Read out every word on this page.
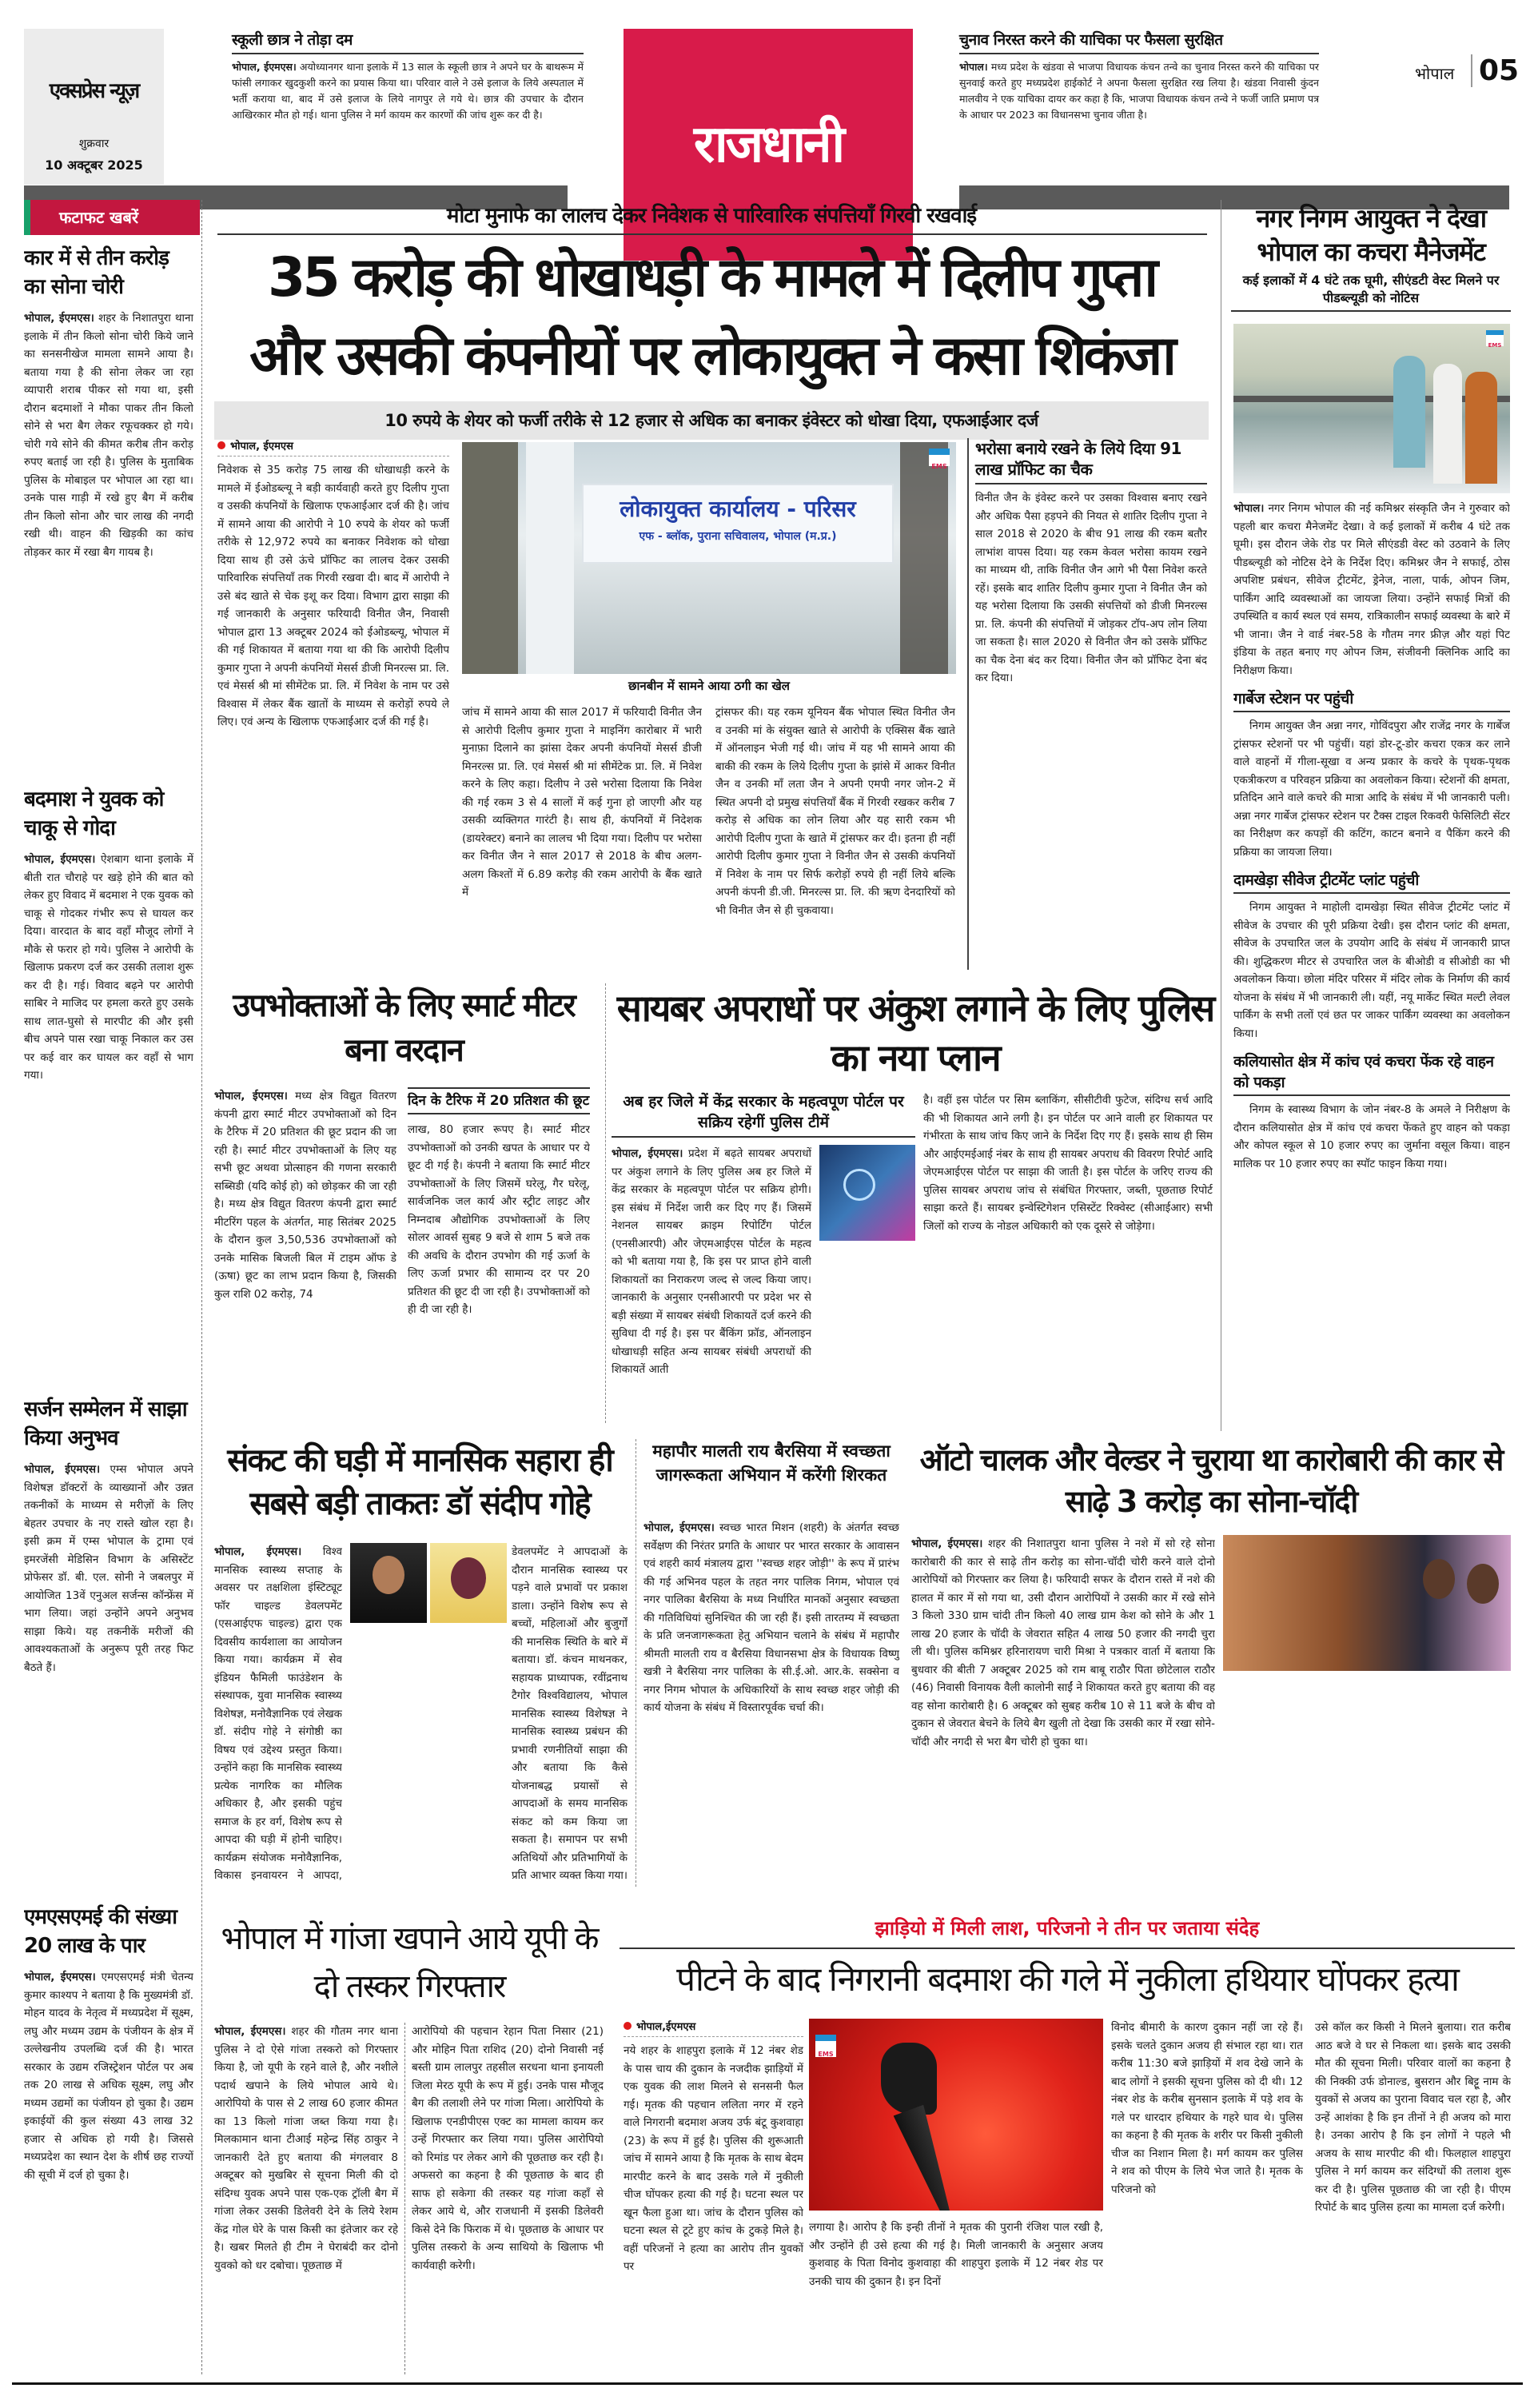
एक्सप्रेस न्यूज़
शुक्रवार
10 अक्टूबर 2025
स्कूली छात्र ने तोड़ा दम
भोपाल, ईएमएस। अयोध्यानगर थाना इलाके में 13 साल के स्कूली छात्र ने अपने घर के बाथरूम में फांसी लगाकर खुदकुशी करने का प्रयास किया था। परिवार वाले ने उसे इलाज के लिये अस्पताल में भर्ती कराया था, बाद में उसे इलाज के लिये नागपुर ले गये थे। छात्र की उपचार के दौरान आखिरकार मौत हो गई। थाना पुलिस ने मर्ग कायम कर कारणों की जांच शुरू कर दी है।
राजधानी
चुनाव निरस्त करने की याचिका पर फैसला सुरक्षित
भोपाल। मध्य प्रदेश के खंडवा से भाजपा विधायक कंचन तन्वे का चुनाव निरस्त करने की याचिका पर सुनवाई करते हुए मध्यप्रदेश हाईकोर्ट ने अपना फैसला सुरक्षित रख लिया है। खंडवा निवासी कुंदन मालवीय ने एक याचिका दायर कर कहा है कि, भाजपा विधायक कंचन तन्वे ने फर्जी जाति प्रमाण पत्र के आधार पर 2023 का विधानसभा चुनाव जीता है।
भोपाल 05
फटाफट खबरें
कार में से तीन करोड़ का सोना चोरी
भोपाल, ईएमएस। शहर के निशातपुरा थाना इलाके में तीन किलो सोना चोरी किये जाने का सनसनीखेज मामला सामने आया है। बताया गया है की सोना लेकर जा रहा व्यापारी शराब पीकर सो गया था, इसी दौरान बदमाशों ने मौका पाकर तीन किलो सोने से भरा बैग लेकर रफूचक्कर हो गये। चोरी गये सोने की कीमत करीब तीन करोड़ रुपए बताई जा रही है। पुलिस के मुताबिक पुलिस के मोबाइल पर भोपाल आ रहा था। उनके पास गाड़ी में रखे हुए बैग में करीब तीन किलो सोना और चार लाख की नगदी रखी थी। वाहन की खिड़की का कांच तोड़कर कार में रखा बैग गायब है।
बदमाश ने युवक को चाकू से गोदा
भोपाल, ईएमएस। ऐशबाग थाना इलाके में बीती रात चौराहे पर खड़े होने की बात को लेकर हुए विवाद में बदमाश ने एक युवक को चाकू से गोदकर गंभीर रूप से घायल कर दिया। वारदात के बाद वहाँ मौजूद लोगों ने मौके से फरार हो गये। पुलिस ने आरोपी के खिलाफ प्रकरण दर्ज कर उसकी तलाश शुरू कर दी है। गई। विवाद बढ़ने पर आरोपी साबिर ने माजिद पर हमला करते हुए उसके साथ लात-घुसो से मारपीट की और इसी बीच अपने पास रखा चाकू निकाल कर उस पर कई वार कर घायल कर वहाँ से भाग गया।
सर्जन सम्मेलन में साझा किया अनुभव
भोपाल, ईएमएस। एम्स भोपाल अपने विशेषज्ञ डॉक्टरों के व्याख्यानों और उन्नत तकनीकों के माध्यम से मरीज़ों के लिए बेहतर उपचार के नए रास्ते खोल रहा है। इसी क्रम में एम्स भोपाल के ट्रामा एवं इमरजेंसी मेडिसिन विभाग के असिस्टेंट प्रोफेसर डॉ. बी. एल. सोनी ने जबलपुर में आयोजित 13वें एनुअल सर्जन्स कॉन्फ्रेंस में भाग लिया। जहां उन्होंने अपने अनुभव साझा किये। यह तकनीकें मरीजों की आवश्यकताओं के अनुरूप पूरी तरह फिट बैठते हैं।
एमएसएमई की संख्या 20 लाख के पार
भोपाल, ईएमएस। एमएसएमई मंत्री चेतन्य कुमार काश्यप ने बताया है कि मुख्यमंत्री डॉ. मोहन यादव के नेतृत्व में मध्यप्रदेश में सूक्ष्म, लघु और मध्यम उद्यम के पंजीयन के क्षेत्र में उल्लेखनीय उपलब्धि दर्ज की है। भारत सरकार के उद्यम रजिस्ट्रेशन पोर्टल पर अब तक 20 लाख से अधिक सूक्ष्म, लघु और मध्यम उद्यमों का पंजीयन हो चुका है। उद्यम इकाईयों की कुल संख्या 43 लाख 32 हजार से अधिक हो गयी है। जिससे मध्यप्रदेश का स्थान देश के शीर्ष छह राज्यों की सूची में दर्ज हो चुका है।
मोटा मुनाफे का लालच देकर निवेशक से पारिवारिक संपत्तियाँ गिरवी रखवाई
35 करोड़ की धोखाधड़ी के मामले में दिलीप गुप्ता
और उसकी कंपनीयों पर लोकायुक्त ने कसा शिकंजा
10 रुपये के शेयर को फर्जी तरीके से 12 हजार से अधिक का बनाकर इंवेस्टर को धोखा दिया, एफआईआर दर्ज
भोपाल, ईएमएस
निवेशक से 35 करोड़ 75 लाख की धोखाधड़ी करने के मामले में ईओडब्ल्यू ने बड़ी कार्यवाही करते हुए दिलीप गुप्ता व उसकी कंपनियों के खिलाफ एफआईआर दर्ज की है। जांच में सामने आया की आरोपी ने 10 रुपये के शेयर को फर्जी तरीके से 12,972 रुपये का बनाकर निवेशक को धोखा दिया साथ ही उसे ऊंचे प्रॉफिट का लालच देकर उसकी पारिवारिक संपत्तियाँ तक गिरवी रखवा दी। बाद में आरोपी ने उसे बंद खाते से चेक इशू कर दिया। विभाग द्वारा साझा की गई जानकारी के अनुसार फरियादी विनीत जैन, निवासी भोपाल द्वारा 13 अक्टूबर 2024 को ईओडब्ल्यू, भोपाल में की गई शिकायत में बताया गया था की कि आरोपी दिलीप कुमार गुप्ता ने अपनी कंपनियों मेसर्स डीजी मिनरल्स प्रा. लि. एवं मेसर्स श्री मां सीमेंटेक प्रा. लि. में निवेश के नाम पर उसे विश्वास में लेकर बैंक खातों के माध्यम से करोड़ों रुपये ले लिए। एवं अन्य के खिलाफ एफआईआर दर्ज की गई है।
लोकायुक्त कार्यालय - परिसर
एफ - ब्लॉक, पुराना सचिवालय, भोपाल (म.प्र.)
EMS
छानबीन में सामने आया ठगी का खेल
जांच में सामने आया की साल 2017 में फरियादी विनीत जैन से आरोपी दिलीप कुमार गुप्ता ने माइनिंग कारोबार में भारी मुनाफ़ा दिलाने का झांसा देकर अपनी कंपनियों मेसर्स डीजी मिनरल्स प्रा. लि. एवं मेसर्स श्री मां सीमेंटेक प्रा. लि. में निवेश करने के लिए कहा। दिलीप ने उसे भरोसा दिलाया कि निवेश की गई रकम 3 से 4 सालों में कई गुना हो जाएगी और यह उसकी व्यक्तिगत गारंटी है। साथ ही, कंपनियों में निदेशक (डायरेक्टर) बनाने का लालच भी दिया गया। दिलीप पर भरोसा कर विनीत जैन ने साल 2017 से 2018 के बीच अलग-अलग किश्तों में 6.89 करोड़ की रकम आरोपी के बैंक खाते में
ट्रांसफर की। यह रकम यूनियन बैंक भोपाल स्थित विनीत जैन व उनकी मां के संयुक्त खाते से आरोपी के एक्सिस बैंक खाते में ऑनलाइन भेजी गई थी। जांच में यह भी सामने आया की बाकी की रकम के लिये दिलीप गुप्ता के झांसे में आकर विनीत जैन व उनकी माँ लता जैन ने अपनी एमपी नगर जोन-2 में स्थित अपनी दो प्रमुख संपत्तियाँ बैंक में गिरवी रखकर करीब 7 करोड़ से अधिक का लोन लिया और यह सारी रकम भी आरोपी दिलीप गुप्ता के खाते में ट्रांसफर कर दी। इतना ही नहीं आरोपी दिलीप कुमार गुप्ता ने विनीत जैन से उसकी कंपनियों में निवेश के नाम पर सिर्फ करोड़ों रुपये ही नहीं लिये बल्कि अपनी कंपनी डी.जी. मिनरल्स प्रा. लि. की ऋण देनदारियों को भी विनीत जैन से ही चुकवाया।
भरोसा बनाये रखने के लिये दिया 91 लाख प्रॉफिट का चैक
विनीत जैन के इंवेस्ट करने पर उसका विश्वास बनाए रखने और अधिक पैसा हड़पने की नियत से शातिर दिलीप गुप्ता ने साल 2018 से 2020 के बीच 91 लाख की रकम बतौर लाभांश वापस दिया। यह रकम केवल भरोसा कायम रखने का माध्यम थी, ताकि विनीत जैन आगे भी पैसा निवेश करते रहें। इसके बाद शातिर दिलीप कुमार गुप्ता ने विनीत जैन को यह भरोसा दिलाया कि उसकी संपत्तियों को डीजी मिनरल्स प्रा. लि. कंपनी की संपत्तियों में जोड़कर टॉप-अप लोन लिया जा सकता है। साल 2020 से विनीत जैन को उसके प्रॉफिट का चैक देना बंद कर दिया। विनीत जैन को प्रॉफिट देना बंद कर दिया।
नगर निगम आयुक्त ने देखा भोपाल का कचरा मैनेजमेंट
कई इलाकों में 4 घंटे तक घूमी, सीएंडटी वेस्ट मिलने पर पीडब्ल्यूडी को नोटिस
EMS
भोपाल। नगर निगम भोपाल की नई कमिश्नर संस्कृति जैन ने गुरुवार को पहली बार कचरा मैनेजमेंट देखा। वे कई इलाकों में करीब 4 घंटे तक घूमी। इस दौरान जेके रोड पर मिले सीएंडडी वेस्ट को उठवाने के लिए पीडब्ल्यूडी को नोटिस देने के निर्देश दिए। कमिश्नर जैन ने सफाई, ठोस अपशिष्ट प्रबंधन, सीवेज ट्रीटमेंट, ड्रेनेज, नाला, पार्क, ओपन जिम, पार्किंग आदि व्यवस्थाओं का जायजा लिया। उन्होंने सफाई मित्रों की उपस्थिति व कार्य स्थल एवं समय, रात्रिकालीन सफाई व्यवस्था के बारे में भी जाना। जैन ने वार्ड नंबर-58 के गौतम नगर फ्रीज़ और यहां पिट इंडिया के तहत बनाए गए ओपन जिम, संजीवनी क्लिनिक आदि का निरीक्षण किया।
गार्बेज स्टेशन पर पहुंची
निगम आयुक्त जैन अन्ना नगर, गोविंदपुरा और राजेंद्र नगर के गार्बेज ट्रांसफर स्टेशनों पर भी पहुंचीं। यहां डोर-टू-डोर कचरा एकत्र कर लाने वाले वाहनों में गीला-सूखा व अन्य प्रकार के कचरे के पृथक-पृथक एकत्रीकरण व परिवहन प्रक्रिया का अवलोकन किया। स्टेशनों की क्षमता, प्रतिदिन आने वाले कचरे की मात्रा आदि के संबंध में भी जानकारी पली। अन्ना नगर गार्बेज ट्रांसफर स्टेशन पर टैक्स टाइल रिकवरी फेसिलिटी सेंटर का निरीक्षण कर कपड़ों की कटिंग, काटन बनाने व पैकिंग करने की प्रक्रिया का जायजा लिया।
दामखेड़ा सीवेज ट्रीटमेंट प्लांट पहुंची
निगम आयुक्त ने माहोली दामखेड़ा स्थित सीवेज ट्रीटमेंट प्लांट में सीवेज के उपचार की पूरी प्रक्रिया देखी। इस दौरान प्लांट की क्षमता, सीवेज के उपचारित जल के उपयोग आदि के संबंध में जानकारी प्राप्त की। शुद्धिकरण मीटर से उपचारित जल के बीओडी व सीओडी का भी अवलोकन किया। छोला मंदिर परिसर में मंदिर लोक के निर्माण की कार्य योजना के संबंध में भी जानकारी ली। यहीं, नयू मार्केट स्थित मल्टी लेवल पार्किंग के सभी तलों एवं छत पर जाकर पार्किंग व्यवस्था का अवलोकन किया।
कलियासोत क्षेत्र में कांच एवं कचरा फेंक रहे वाहन को पकड़ा
निगम के स्वास्थ्य विभाग के जोन नंबर-8 के अमले ने निरीक्षण के दौरान कलियासोत क्षेत्र में कांच एवं कचरा फेंकते हुए वाहन को पकड़ा और कोपल स्कूल से 10 हजार रुपए का जुर्माना वसूल किया। वाहन मालिक पर 10 हजार रुपए का स्पॉट फाइन किया गया।
उपभोक्ताओं के लिए स्मार्ट मीटर बना वरदान
भोपाल, ईएमएस। मध्य क्षेत्र विद्युत वितरण कंपनी द्वारा स्मार्ट मीटर उपभोक्ताओं को दिन के टैरिफ में 20 प्रतिशत की छूट प्रदान की जा रही है। स्मार्ट मीटर उपभोक्ताओं के लिए यह सभी छूट अथवा प्रोत्साहन की गणना सरकारी सब्सिडी (यदि कोई हो) को छोड़कर की जा रही है। मध्य क्षेत्र विद्युत वितरण कंपनी द्वारा स्मार्ट मीटरिंग पहल के अंतर्गत, माह सितंबर 2025 के दौरान कुल 3,50,536 उपभोक्ताओं को उनके मासिक बिजली बिल में टाइम ऑफ डे (ऊषा) छूट का लाभ प्रदान किया है, जिसकी कुल राशि 02 करोड़, 74
दिन के टैरिफ में 20 प्रतिशत की छूट
लाख, 80 हजार रूपए है। स्मार्ट मीटर उपभोक्ताओं को उनकी खपत के आधार पर ये छूट दी गई है। कंपनी ने बताया कि स्मार्ट मीटर उपभोक्ताओं के लिए जिसमें घरेलू, गैर घरेलू, सार्वजनिक जल कार्य और स्ट्रीट लाइट और निम्नदाब औद्योगिक उपभोक्ताओं के लिए सोलर आवर्स सुबह 9 बजे से शाम 5 बजे तक की अवधि के दौरान उपभोग की गई ऊर्जा के लिए ऊर्जा प्रभार की सामान्य दर पर 20 प्रतिशत की छूट दी जा रही है। उपभोक्ताओं को ही दी जा रही है।
सायबर अपराधों पर अंकुश लगाने के लिए पुलिस का नया प्लान
अब हर जिले में केंद्र सरकार के महत्वपूण पोर्टल पर सक्रिय रहेगीं पुलिस टीमें
भोपाल, ईएमएस। प्रदेश में बढ़ते सायबर अपराधों पर अंकुश लगाने के लिए पुलिस अब हर जिले में केंद्र सरकार के महत्वपूण पोर्टल पर सक्रिय होगी। इस संबंध में निर्देश जारी कर दिए गए हैं। जिसमें नेशनल सायबर क्राइम रिपोर्टिंग पोर्टल (एनसीआरपी) और जेएमआईएस पोर्टल के महत्व को भी बताया गया है, कि इस पर प्राप्त होने वाली शिकायतों का निराकरण जल्द से जल्द किया जाए। जानकारी के अनुसार एनसीआरपी पर प्रदेश भर से बड़ी संख्या में सायबर संबंधी शिकायतें दर्ज करने की सुविधा दी गई है। इस पर बैंकिंग फ्रॉड, ऑनलाइन धोखाधड़ी सहित अन्य सायबर संबंधी अपराधों की शिकायतें आती
है। वहीं इस पोर्टल पर सिम ब्लाकिंग, सीसीटीवी फुटेज, संदिग्ध सर्च आदि की भी शिकायत आने लगी है। इन पोर्टल पर आने वाली हर शिकायत पर गंभीरता के साथ जांच किए जाने के निर्देश दिए गए हैं। इसके साथ ही सिम और आईएमईआई नंबर के साथ ही सायबर अपराध की विवरण रिपोर्ट आदि जेएमआईएस पोर्टल पर साझा की जाती है। इस पोर्टल के जरिए राज्य की पुलिस सायबर अपराध जांच से संबंधित गिरफ्तार, जब्ती, पूछताछ रिपोर्ट साझा करते हैं। सायबर इन्वेस्टिगेशन एसिस्टेंट रिक्वेस्ट (सीआईआर) सभी जिलों को राज्य के नोडल अधिकारी को एक दूसरे से जोड़ेगा।
संकट की घड़ी में मानसिक सहारा ही सबसे बड़ी ताकतः डॉ संदीप गोहे
भोपाल, ईएमएस। विश्व मानसिक स्वास्थ्य सप्ताह के अवसर पर तक्षशिला इंस्टिट्यूट फॉर चाइल्ड डेवलपमेंट (एसआईएफ चाइल्ड) द्वारा एक दिवसीय कार्यशाला का आयोजन किया गया। कार्यक्रम में सेव इंडियन फैमिली फाउंडेशन के संस्थापक, युवा मानसिक स्वास्थ्य विशेषज्ञ, मनोवैज्ञानिक एवं लेखक डॉ. संदीप गोहे ने संगोष्ठी का विषय एवं उद्देश्य प्रस्तुत किया। उन्होंने कहा कि मानसिक स्वास्थ्य प्रत्येक नागरिक का मौलिक अधिकार है, और इसकी पहुंच समाज के हर वर्ग, विशेष रूप से आपदा की घड़ी में होनी चाहिए। कार्यक्रम संयोजक मनोवैज्ञानिक, विकास इनवायरन ने आपदा,
डेवलपमेंट ने आपदाओं के दौरान मानसिक स्वास्थ्य पर पड़ने वाले प्रभावों पर प्रकाश डाला। उन्होंने विशेष रूप से बच्चों, महिलाओं और बुजुर्गों की मानसिक स्थिति के बारे में बताया। डॉ. कंचन माथनकर, सहायक प्राध्यापक, रवींद्रनाथ टैगोर विश्वविद्यालय, भोपाल मानसिक स्वास्थ्य विशेषज्ञ ने मानसिक स्वास्थ्य प्रबंधन की प्रभावी रणनीतियों साझा की और बताया कि कैसे योजनाबद्ध प्रयासों से आपदाओं के समय मानसिक संकट को कम किया जा सकता है। समापन पर सभी अतिथियों और प्रतिभागियों के प्रति आभार व्यक्त किया गया।
महापौर मालती राय बैरसिया में स्वच्छता जागरूकता अभियान में करेंगी शिरकत
भोपाल, ईएमएस। स्वच्छ भारत मिशन (शहरी) के अंतर्गत स्वच्छ सर्वेक्षण की निरंतर प्रगति के आधार पर भारत सरकार के आवासन एवं शहरी कार्य मंत्रालय द्वारा ''स्वच्छ शहर जोड़ी'' के रूप में प्रारंभ की गई अभिनव पहल के तहत नगर पालिक निगम, भोपाल एवं नगर पालिका बैरसिया के मध्य निर्धारित मानकों अनुसार स्वच्छता की गतिविधियां सुनिश्चित की जा रही हैं। इसी तारतम्य में स्वच्छता के प्रति जनजागरूकता हेतु अभियान चलाने के संबंध में महापौर श्रीमती मालती राय व बैरसिया विधानसभा क्षेत्र के विधायक विष्णु खत्री ने बैरसिया नगर पालिका के सी.ई.ओ. आर.के. सक्सेना व नगर निगम भोपाल के अधिकारियों के साथ स्वच्छ शहर जोड़ी की कार्य योजना के संबंध में विस्तारपूर्वक चर्चा की।
ऑटो चालक और वेल्डर ने चुराया था कारोबारी की कार से साढ़े 3 करोड़ का सोना-चॉदी
भोपाल, ईएमएस। शहर की निशातपुरा थाना पुलिस ने नशे में सो रहे सोना कारोबारी की कार से साढ़े तीन करोड़ का सोना-चॉदी चोरी करने वाले दोनो आरोपियों को गिरफ्तार कर लिया है। फरियादी सफर के दौरान रास्ते में नशे की हालत में कार में सो गया था, उसी दौरान आरोपियों ने उसकी कार में रखे सोने 3 किलो 330 ग्राम चांदी तीन किलो 40 लाख ग्राम केश को सोने के और 1 लाख 20 हजार के चॉदी के जेवरात सहित 4 लाख 50 हजार की नगदी चुरा ली थी। पुलिस कमिश्नर हरिनारायण चारी मिश्रा ने पत्रकार वार्ता में बताया कि बुधवार की बीती 7 अक्टूबर 2025 को राम बाबू राठौर पिता छोटेलाल राठौर (46) निवासी विनायक वैली कालोनी साईं ने शिकायत करते हुए बताया की वह वह सोना कारोबारी है। 6 अक्टूबर को सुबह करीब 10 से 11 बजे के बीच वो दुकान से जेवरात बेचने के लिये बैग खुली तो देखा कि उसकी कार में रखा सोने-चॉदी और नगदी से भरा बैग चोरी हो चुका था।
भोपाल में गांजा खपाने आये यूपी के दो तस्कर गिरफ्तार
भोपाल, ईएमएस। शहर की गौतम नगर थाना पुलिस ने दो ऐसे गांजा तस्करो को गिरफ्तार किया है, जो यूपी के रहने वाले है, और नशीले पदार्थ खपाने के लिये भोपाल आये थे। आरोपियो के पास से 2 लाख 60 हजार कीमत का 13 किलो गांजा जब्त किया गया है। मिलकामान थाना टीआई महेन्द्र सिंह ठाकुर ने जानकारी देते हुए बताया की मंगलवार 8 अक्टूबर को मुखबिर से सूचना मिली की दो संदिग्ध युवक अपने पास एक-एक ट्रॉली बैग में गांजा लेकर उसकी डिलेवरी देने के लिये रेशम केंद्र गोल घेरे के पास किसी का इंतेजार कर रहे है। खबर मिलते ही टीम ने घेराबंदी कर दोनो युवको को धर दबोचा। पूछताछ में
आरोपियो की पहचान रेहान पिता निसार (21) और मोहिन पिता राशिद (20) दोनो निवासी नई बस्ती ग्राम लालपुर तहसील सरधना थाना इनायली जिला मेरठ यूपी के रूप में हुई। उनके पास मौजूद बैग की तलाशी लेने पर गांजा मिला। आरोपियो के खिलाफ एनडीपीएस एक्ट का मामला कायम कर उन्हें गिरफ्तार कर लिया गया। पुलिस आरोपियो को रिमांड पर लेकर आगे की पूछताछ कर रही है। अफसरो का कहना है की पूछताछ के बाद ही साफ हो सकेगा की तस्कर यह गांजा कहाँ से लेकर आये थे, और राजधानी में इसकी डिलेवरी किसे देने कि फिराक में थे। पूछताछ के आधार पर पुलिस तस्करो के अन्य साथियो के खिलाफ भी कार्यवाही करेगी।
झाड़ियो में मिली लाश, परिजनो ने तीन पर जताया संदेह
पीटने के बाद निगरानी बदमाश की गले में नुकीला हथियार घोंपकर हत्या
भोपाल,ईएमएस
नये शहर के शाहपुरा इलाके में 12 नंबर शेड के पास चाय की दुकान के नजदीक झाड़ियों में एक युवक की लाश मिलने से सनसनी फैल गई। मृतक की पहचान ललिता नगर में रहने वाले निगरानी बदमाश अजय उर्फ बंटू कुशवाहा (23) के रूप में हुई है। पुलिस की शुरूआती जांच में सामने आया है कि मृतक के साथ बेदम मारपीट करने के बाद उसके गले में नुकीली चीज घोंपकर हत्या की गई है। घटना स्थल पर खून फैला हुआ था। जांच के दौरान पुलिस को घटना स्थल से टूटे हुए कांच के टुकड़े मिले है। वहीं परिजनों ने हत्या का आरोप तीन युवकों पर
EMS
लगाया है। आरोप है कि इन्ही तीनों ने मृतक की पुरानी रंजिश पाल रखी है, और उन्होंने ही उसे हत्या की गई है। मिली जानकारी के अनुसार अजय कुशवाह के पिता विनोद कुशवाहा की शाहपुरा इलाके में 12 नंबर शेड पर उनकी चाय की दुकान है। इन दिनों
विनोद बीमारी के कारण दुकान नहीं जा रहे हैं। इसके चलते दुकान अजय ही संभाल रहा था। रात करीब 11:30 बजे झाड़ियों में शव देखे जाने के बाद लोगों ने इसकी सूचना पुलिस को दी थी। 12 नंबर शेड के करीब सुनसान इलाके में पड़े शव के गले पर धारदार हथियार के गहरे घाव थे। पुलिस का कहना है की मृतक के शरीर पर किसी नुकीली चीज का निशान मिला है। मर्ग कायम कर पुलिस ने शव को पीएम के लिये भेज जाते है। मृतक के परिजनो को
उसे कॉल कर किसी ने मिलने बुलाया। रात करीब आठ बजे वे घर से निकला था। इसके बाद उसकी मौत की सूचना मिली। परिवार वालों का कहना है की निक्की उर्फ डोनाल्ड, बुसरान और बिट्टू नाम के युवकों से अजय का पुराना विवाद चल रहा है, और उन्हें आशंका है कि इन तीनों ने ही अजय को मारा है। उनका आरोप है कि इन लोगों ने पहले भी अजय के साथ मारपीट की थी। फिलहाल शाहपुरा पुलिस ने मर्ग कायम कर संदिग्धों की तलाश शुरू कर दी है। पुलिस पूछताछ की जा रही है। पीएम रिपोर्ट के बाद पुलिस हत्या का मामला दर्ज करेगी।
